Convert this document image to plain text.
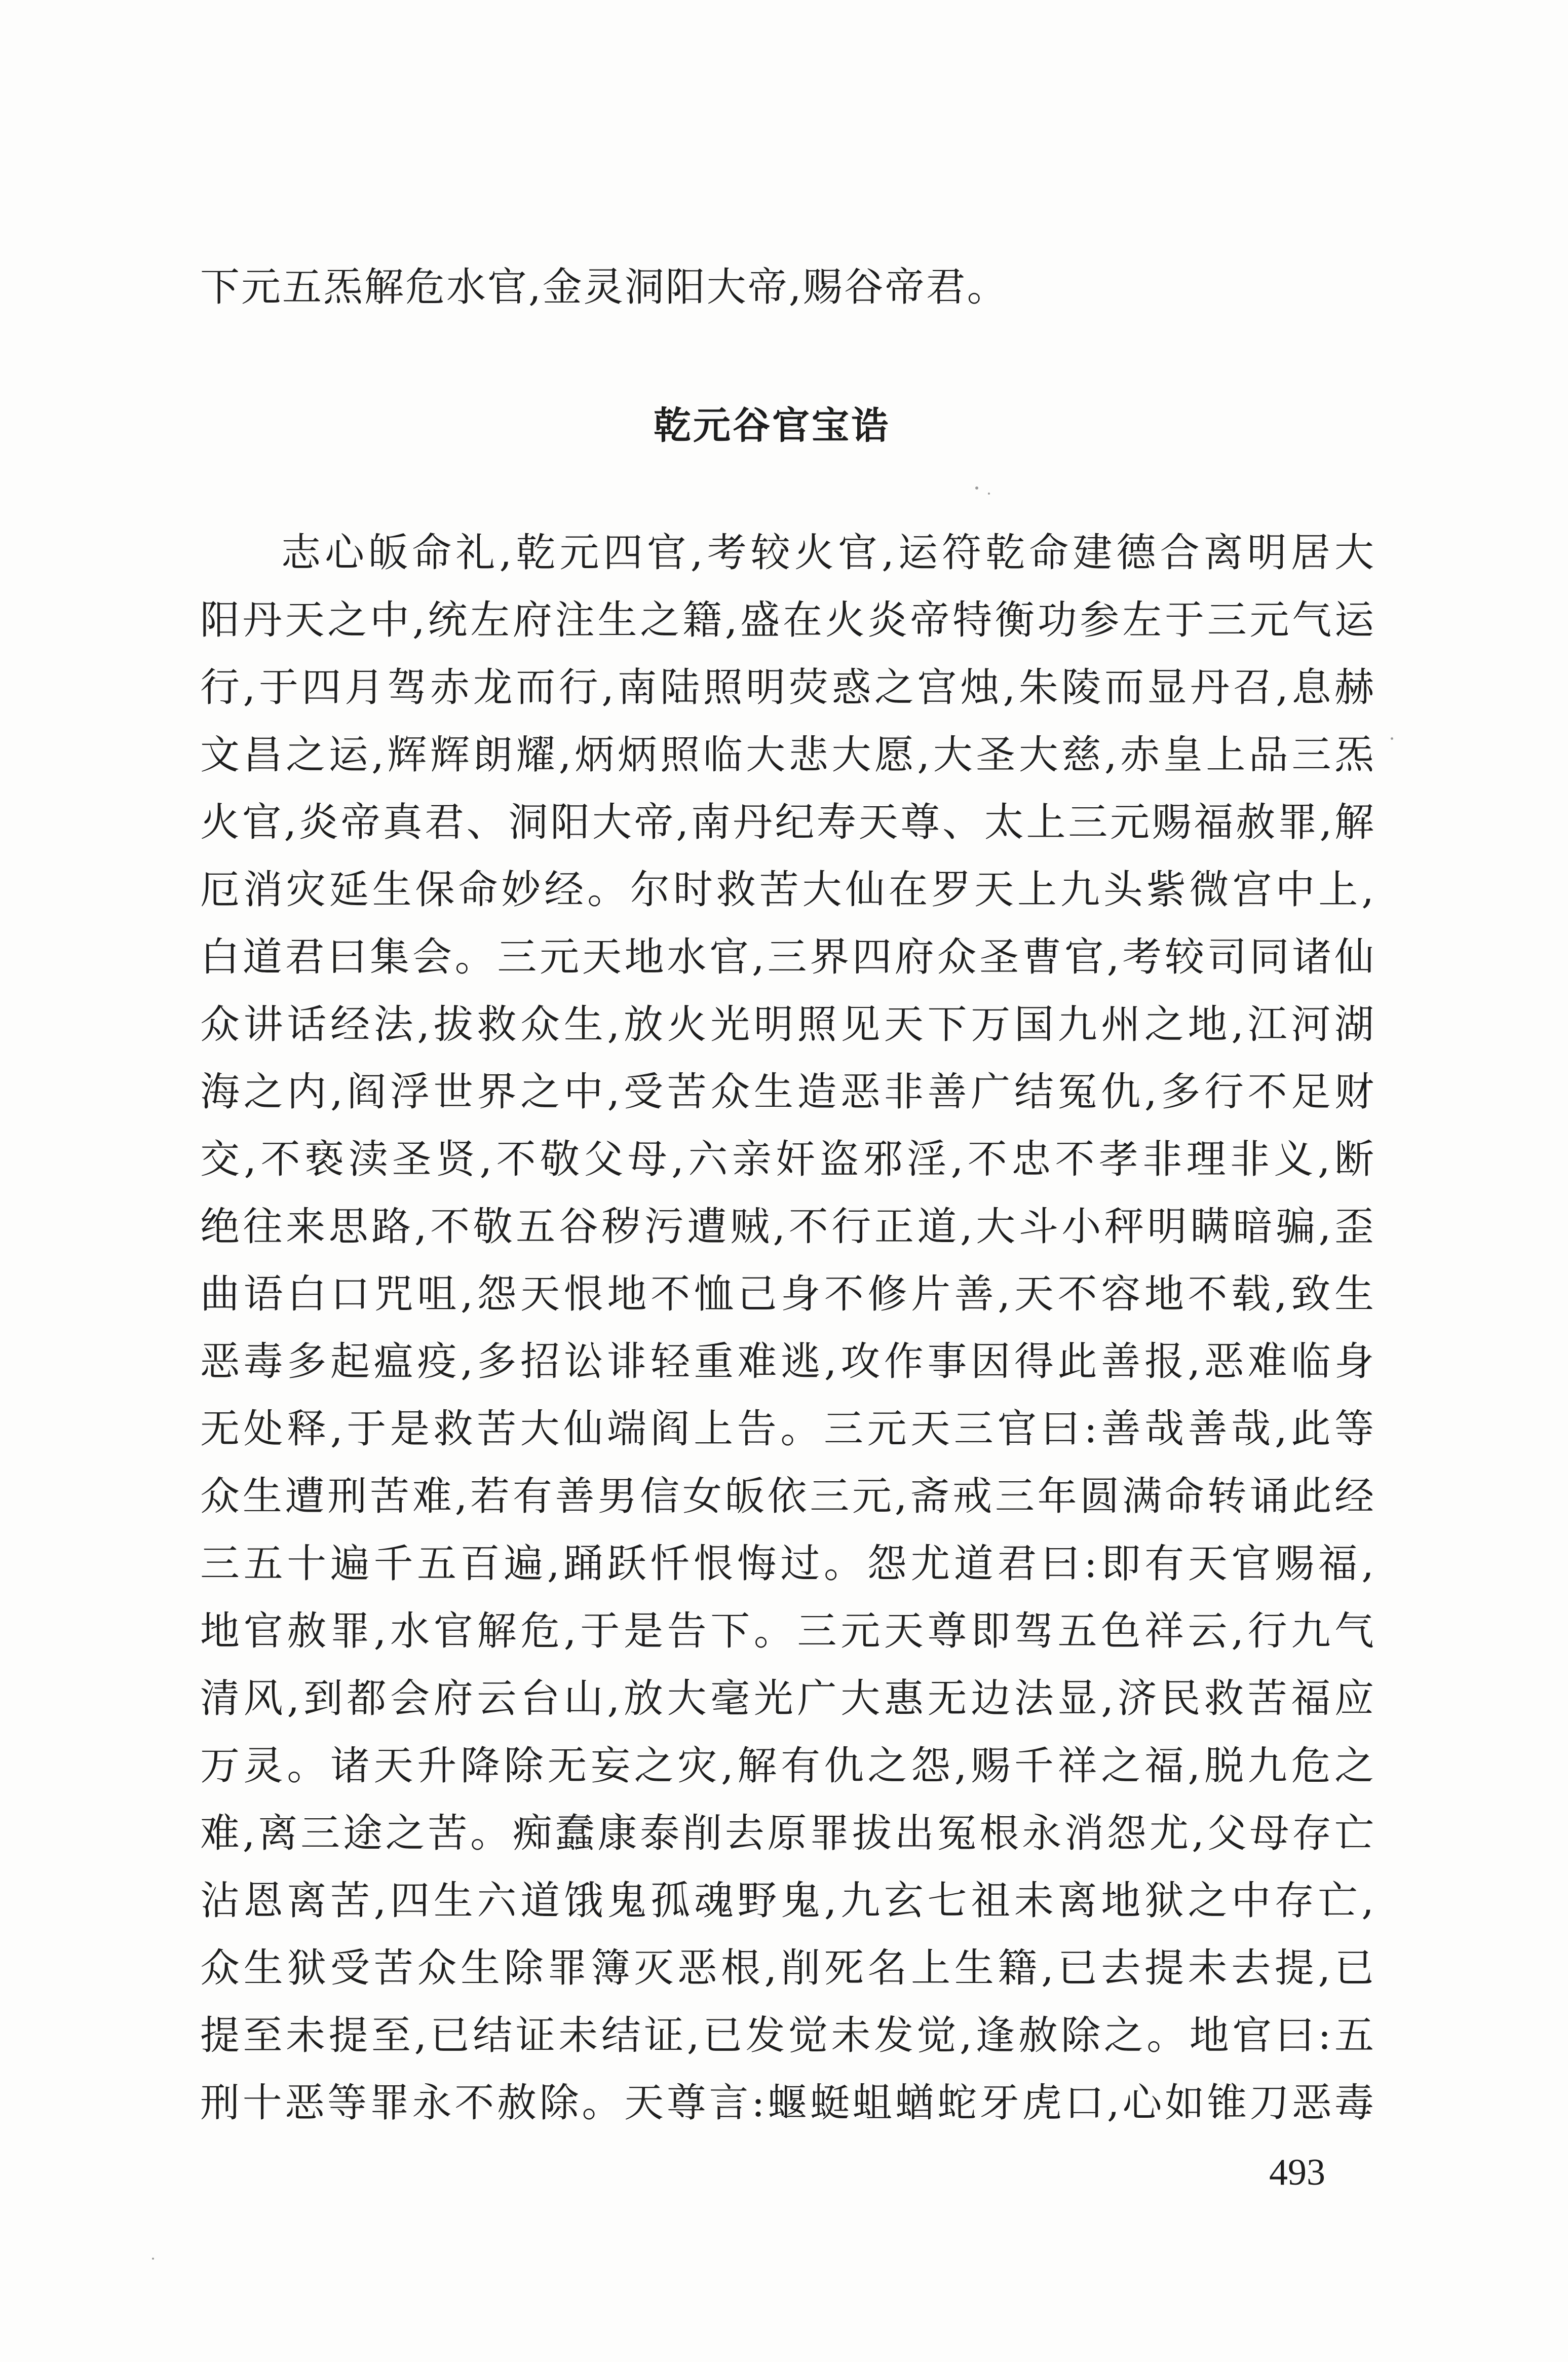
下元五炁解危水官,金灵洞阳大帝,赐谷帝君。
乾元谷官宝诰
志心皈命礼,乾元四官,考较火官,运符乾命建德合离明居大
阳丹天之中,统左府注生之籍,盛在火炎帝特衡功参左于三元气运
行,于四月驾赤龙而行,南陆照明荧惑之宫烛,朱陵而显丹召,息赫
文昌之运,辉辉朗耀,炳炳照临大悲大愿,大圣大慈,赤皇上品三炁
火官,炎帝真君、洞阳大帝,南丹纪寿天尊、太上三元赐福赦罪,解
厄消灾延生保命妙经。尔时救苦大仙在罗天上九头紫微宫中上,
白道君曰集会。三元天地水官,三界四府众圣曹官,考较司同诸仙
众讲话经法,拔救众生,放火光明照见天下万国九州之地,江河湖
海之内,阎浮世界之中,受苦众生造恶非善广结冤仇,多行不足财
交,不亵渎圣贤,不敬父母,六亲奸盗邪淫,不忠不孝非理非义,断
绝往来思路,不敬五谷秽污遭贼,不行正道,大斗小秤明瞒暗骗,歪
曲语白口咒咀,怨天恨地不恤己身不修片善,天不容地不载,致生
恶毒多起瘟疫,多招讼诽轻重难逃,攻作事因得此善报,恶难临身
无处释,于是救苦大仙端阎上告。三元天三官曰:善哉善哉,此等
众生遭刑苦难,若有善男信女皈依三元,斋戒三年圆满命转诵此经
三五十遍千五百遍,踊跃忏恨悔过。怨尤道君曰:即有天官赐福,
地官赦罪,水官解危,于是告下。三元天尊即驾五色祥云,行九气
清风,到都会府云台山,放大毫光广大惠无边法显,济民救苦福应
万灵。诸天升降除无妄之灾,解有仇之怨,赐千祥之福,脱九危之
难,离三途之苦。痴蠢康泰削去原罪拔出冤根永消怨尤,父母存亡
沾恩离苦,四生六道饿鬼孤魂野鬼,九玄七祖未离地狱之中存亡,
众生狱受苦众生除罪簿灭恶根,削死名上生籍,已去提未去提,已
提至未提至,已结证未结证,已发觉未发觉,逢赦除之。地官曰:五
刑十恶等罪永不赦除。天尊言:蝘蜓蛆蝤蛇牙虎口,心如锥刀恶毒
493
